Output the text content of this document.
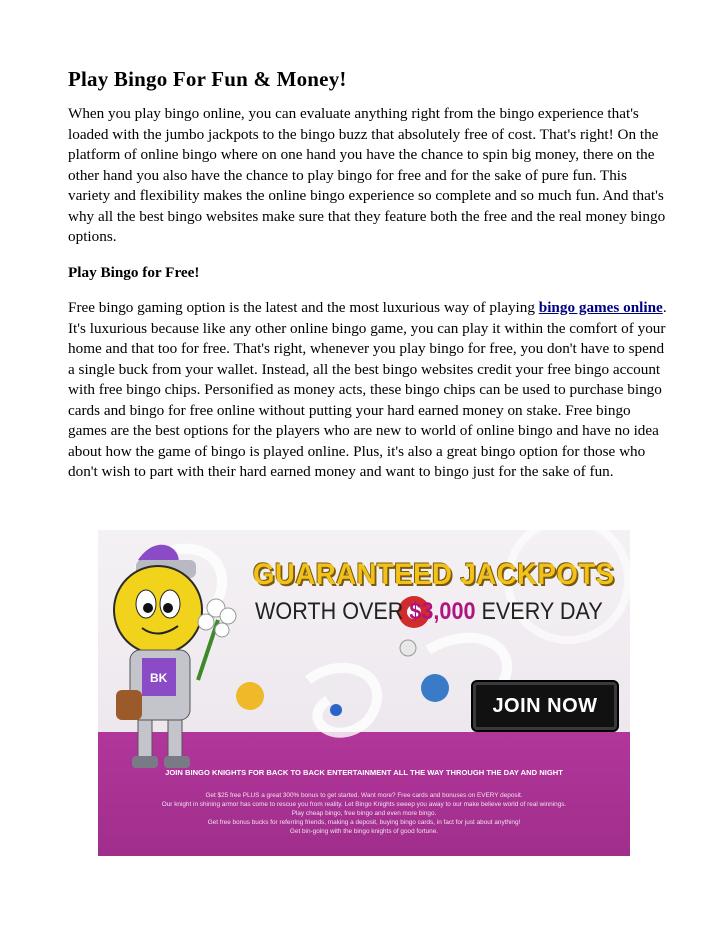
Play Bingo For Fun & Money!

When you play bingo online, you can evaluate anything right from the bingo experience that's loaded with the jumbo jackpots to the bingo buzz that absolutely free of cost. That's right! On the platform of online bingo where on one hand you have the chance to spin big money, there on the other hand you also have the chance to play bingo for free and for the sake of pure fun. This variety and flexibility makes the online bingo experience so complete and so much fun. And that's why all the best bingo websites make sure that they feature both the free and the real money bingo options.

Play Bingo for Free!

Free bingo gaming option is the latest and the most luxurious way of playing bingo games online. It's luxurious because like any other online bingo game, you can play it within the comfort of your home and that too for free. That's right, whenever you play bingo for free, you don't have to spend a single buck from your wallet. Instead, all the best bingo websites credit your free bingo account with free bingo chips. Personified as money acts, these bingo chips can be used to purchase bingo cards and bingo for free online without putting your hard earned money on stake. Free bingo games are the best options for the players who are new to world of online bingo and have no idea about how the game of bingo is played online. Plus, it's also a great bingo option for those who don't wish to part with their hard earned money and want to bingo just for the sake of fun.

BK
GUARANTEED JACKPOTS
WORTH OVER $3,000 EVERY DAY
JOIN NOW
JOIN BINGO KNIGHTS FOR BACK TO BACK ENTERTAINMENT ALL THE WAY THROUGH THE DAY AND NIGHT
Get $25 free PLUS a great 300% bonus to get started. Want more? Free cards and bonuses on EVERY deposit.
Our knight in shining armor has come to rescue you from reality. Let Bingo Knights sweep you away to our make believe world of real winnings.
Play cheap bingo, free bingo and even more bingo.
Get free bonus bucks for referring friends, making a deposit, buying bingo cards, in fact for just about anything!
Get bin-going with the bingo knights of good fortune.
